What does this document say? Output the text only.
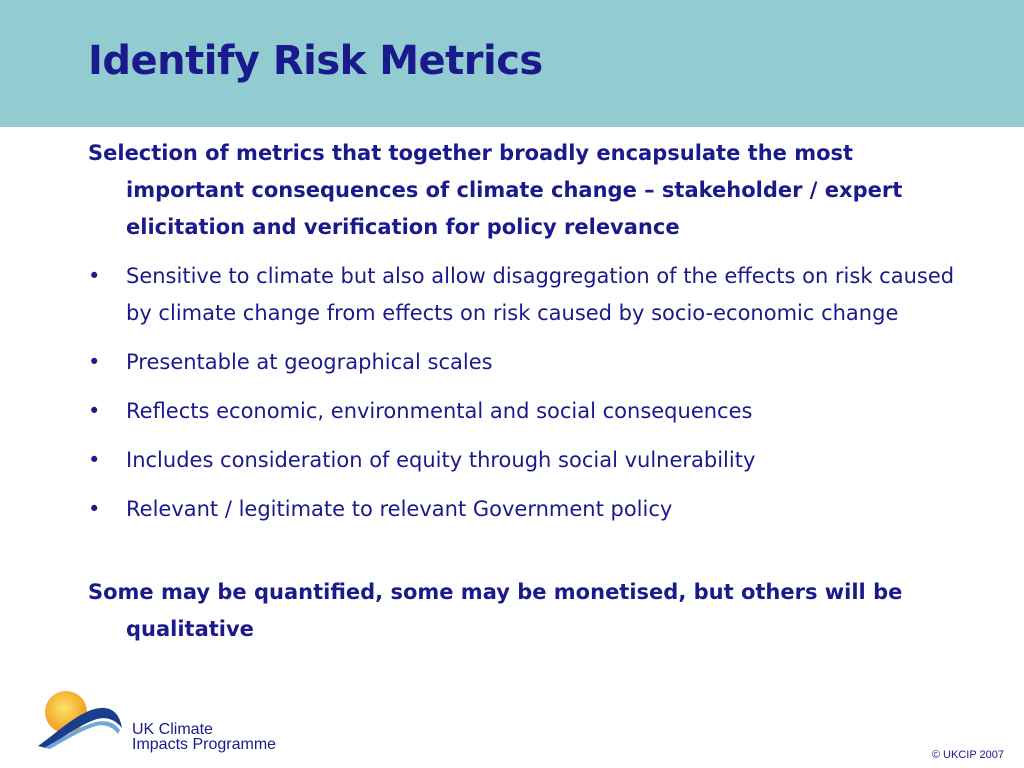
Identify Risk Metrics

Selection of metrics that together broadly encapsulate the most important consequences of climate change – stakeholder / expert elicitation and verification for policy relevance

• Sensitive to climate but also allow disaggregation of the effects on risk caused by climate change from effects on risk caused by socio-economic change
• Presentable at geographical scales
• Reflects economic, environmental and social consequences
• Includes consideration of equity through social vulnerability
• Relevant / legitimate to relevant Government policy

Some may be quantified, some may be monetised, but others will be qualitative

UK Climate
Impacts Programme
© UKCIP 2007
